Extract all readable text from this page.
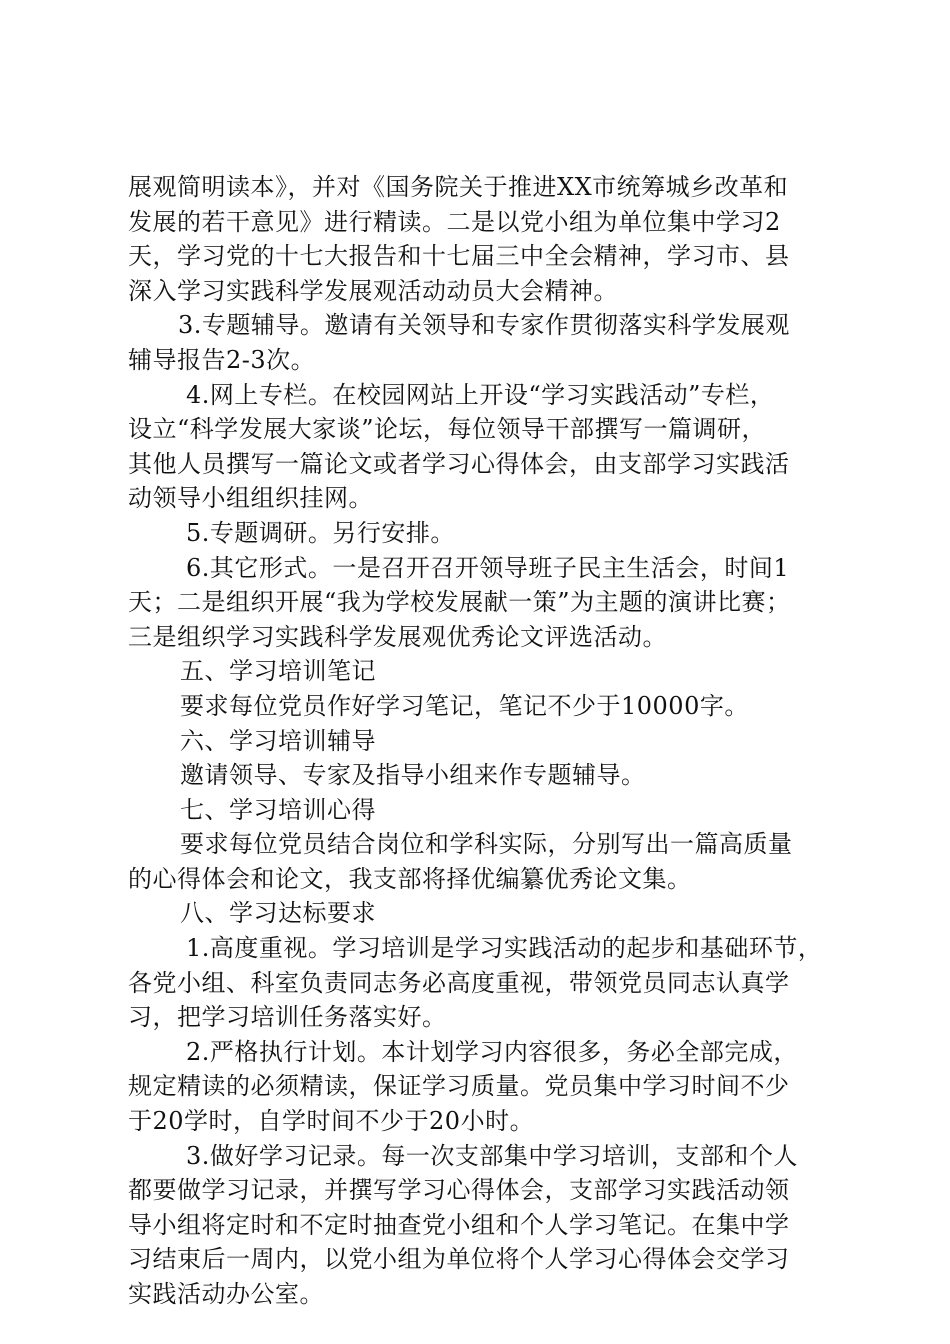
展观简明读本》，并对《国务院关于推进XX市统筹城乡改革和
发展的若干意见》进行精读。二是以党小组为单位集中学习2
天，学习党的十七大报告和十七届三中全会精神，学习市、县
深入学习实践科学发展观活动动员大会精神。
3.专题辅导。邀请有关领导和专家作贯彻落实科学发展观
辅导报告2-3次。
4.网上专栏。在校园网站上开设“学习实践活动”专栏，
设立“科学发展大家谈”论坛，每位领导干部撰写一篇调研，
其他人员撰写一篇论文或者学习心得体会，由支部学习实践活
动领导小组组织挂网。
5.专题调研。另行安排。
6.其它形式。一是召开召开领导班子民主生活会，时间1
天；二是组织开展“我为学校发展献一策”为主题的演讲比赛；
三是组织学习实践科学发展观优秀论文评选活动。
五、学习培训笔记
要求每位党员作好学习笔记，笔记不少于10000字。
六、学习培训辅导
邀请领导、专家及指导小组来作专题辅导。
七、学习培训心得
要求每位党员结合岗位和学科实际，分别写出一篇高质量
的心得体会和论文，我支部将择优编纂优秀论文集。
八、学习达标要求
1.高度重视。学习培训是学习实践活动的起步和基础环节，
各党小组、科室负责同志务必高度重视，带领党员同志认真学
习，把学习培训任务落实好。
2.严格执行计划。本计划学习内容很多，务必全部完成，
规定精读的必须精读，保证学习质量。党员集中学习时间不少
于20学时，自学时间不少于20小时。
3.做好学习记录。每一次支部集中学习培训，支部和个人
都要做学习记录，并撰写学习心得体会，支部学习实践活动领
导小组将定时和不定时抽查党小组和个人学习笔记。在集中学
习结束后一周内，以党小组为单位将个人学习心得体会交学习
实践活动办公室。
